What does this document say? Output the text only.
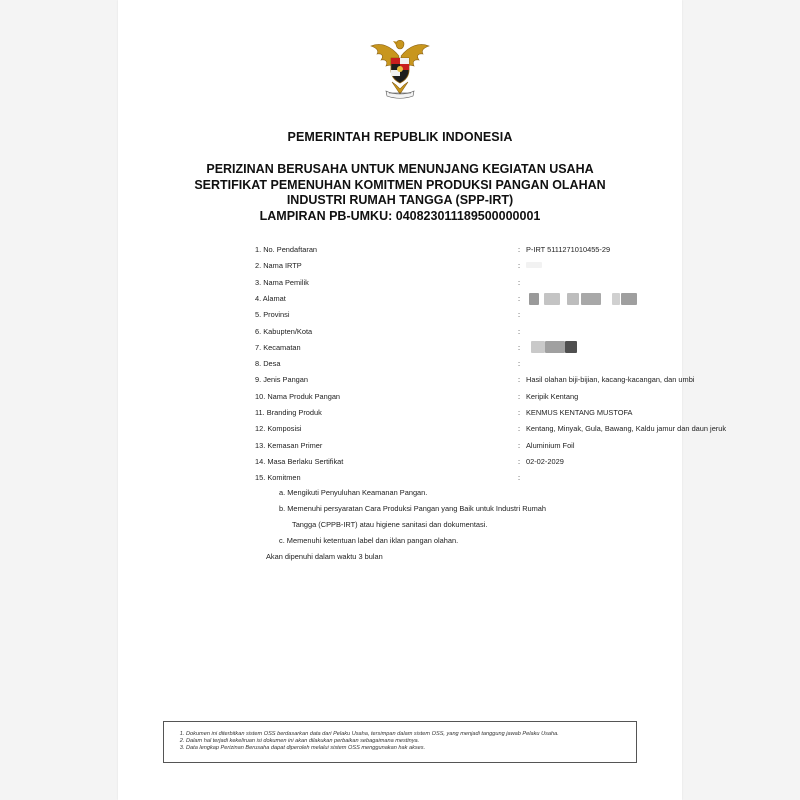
PEMERINTAH REPUBLIK INDONESIA
PERIZINAN BERUSAHA UNTUK MENUNJANG KEGIATAN USAHA
SERTIFIKAT PEMENUHAN KOMITMEN PRODUKSI PANGAN OLAHAN
INDUSTRI RUMAH TANGGA (SPP-IRT)
LAMPIRAN PB-UMKU: 040823011189500000001
1. No. Pendaftaran	: P-IRT 5111271010455-29
2. Nama IRTP	:
3. Nama Pemilik	:
4. Alamat	:
5. Provinsi	:
6. Kabupten/Kota	:
7. Kecamatan	:
8. Desa	:
9. Jenis Pangan	: Hasil olahan biji-bijian, kacang-kacangan, dan umbi
10. Nama Produk Pangan	: Keripik Kentang
11. Branding Produk	: KENMUS KENTANG MUSTOFA
12. Komposisi	: Kentang, Minyak, Gula, Bawang, Kaldu jamur dan daun jeruk
13. Kemasan Primer	: Aluminium Foil
14. Masa Berlaku Sertifikat	: 02-02-2029
15. Komitmen	:
a. Mengikuti Penyuluhan Keamanan Pangan.
b. Memenuhi persyaratan Cara Produksi Pangan yang Baik untuk Industri Rumah
Tangga (CPPB-IRT) atau higiene sanitasi dan dokumentasi.
c. Memenuhi ketentuan label dan iklan pangan olahan.
Akan dipenuhi dalam waktu 3 bulan
1. Dokumen ini diterbitkan sistem OSS berdasarkan data dari Pelaku Usaha, tersimpan dalam sistem OSS, yang menjadi tanggung jawab Pelaku Usaha.
2. Dalam hal terjadi kekeliruan isi dokumen ini akan dilakukan perbaikan sebagaimana mestinya.
3. Data lengkap Perizinan Berusaha dapat diperoleh melalui sistem OSS menggunakan hak akses.
